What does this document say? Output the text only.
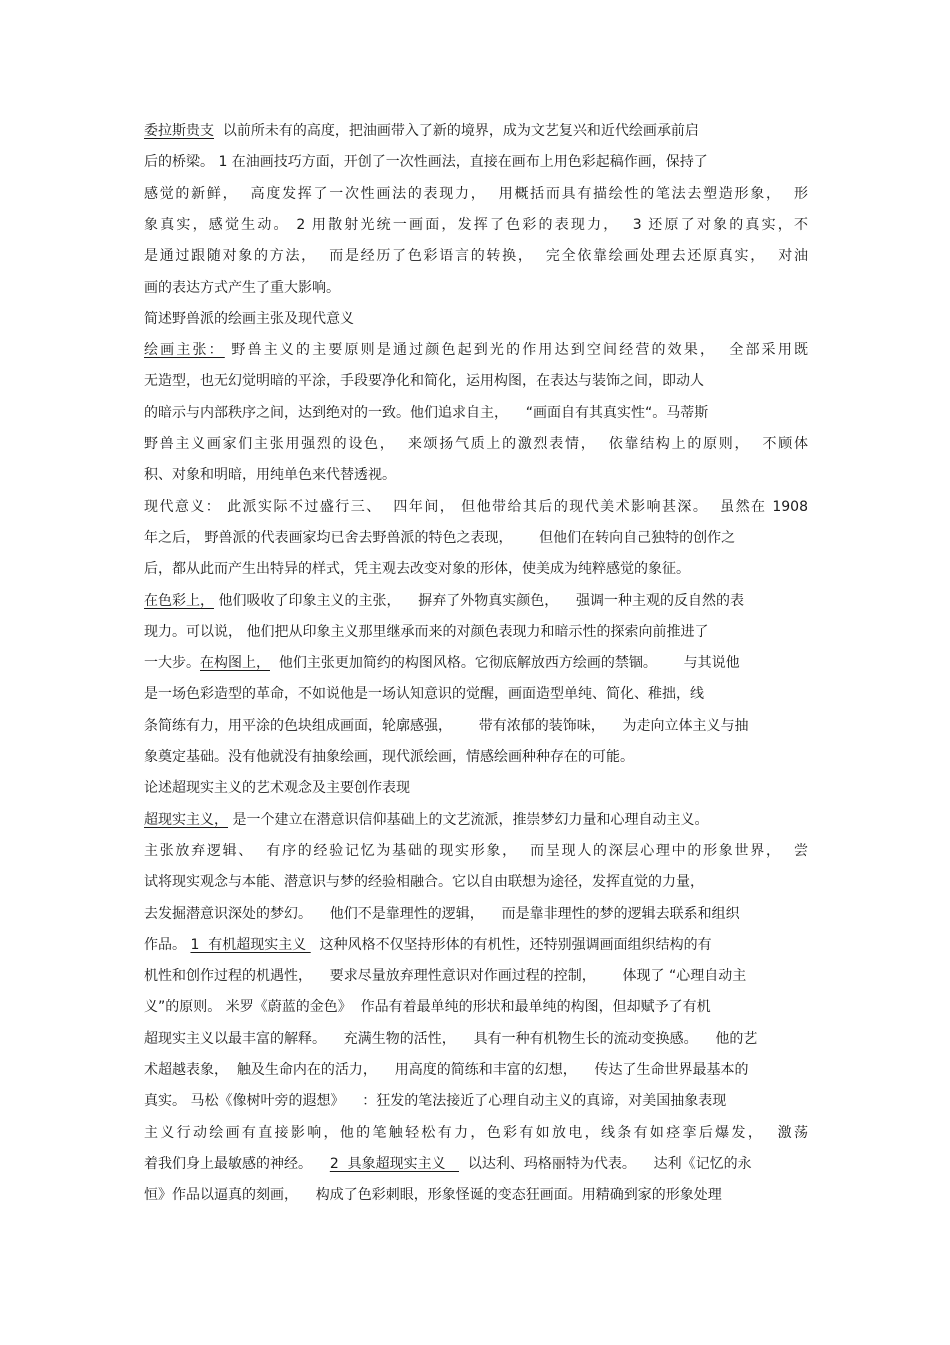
委拉斯贵支  以前所未有的高度，把油画带入了新的境界，成为文艺复兴和近代绘画承前启
后的桥梁。 1 在油画技巧方面，开创了一次性画法，直接在画布上用色彩起稿作画，保持了
感觉的新鲜，  高度发挥了一次性画法的表现力，  用概括而具有描绘性的笔法去塑造形象，  形
象真实，感觉生动。 2 用散射光统一画面，发挥了色彩的表现力，  3 还原了对象的真实，不
是通过跟随对象的方法，  而是经历了色彩语言的转换，  完全依靠绘画处理去还原真实，  对油
画的表达方式产生了重大影响。
简述野兽派的绘画主张及现代意义
绘画主张： 野兽主义的主要原则是通过颜色起到光的作用达到空间经营的效果，  全部采用既
无造型，也无幻觉明暗的平涂，手段要净化和简化，运用构图，在表达与装饰之间，即动人
的暗示与内部秩序之间，达到绝对的一致。他们追求自主，    “画面自有其真实性“。马蒂斯
野兽主义画家们主张用强烈的设色，  来颂扬气质上的激烈表情，  依靠结构上的原则，  不顾体
积、对象和明暗，用纯单色来代替透视。
现代意义： 此派实际不过盛行三、  四年间， 但他带给其后的现代美术影响甚深。  虽然在 1908
年之后， 野兽派的代表画家均已舍去野兽派的特色之表现，      但他们在转向自己独特的创作之
后，都从此而产生出特异的样式，凭主观去改变对象的形体，使美成为纯粹感觉的象征。
在色彩上， 他们吸收了印象主义的主张，    摒弃了外物真实颜色，    强调一种主观的反自然的表
现力。可以说， 他们把从印象主义那里继承而来的对颜色表现力和暗示性的探索向前推进了
一大步。在构图上，  他们主张更加简约的构图风格。它彻底解放西方绘画的禁锢。      与其说他
是一场色彩造型的革命，不如说他是一场认知意识的觉醒，画面造型单纯、简化、稚拙，线
条简练有力，用平涂的色块组成画面，轮廓感强，      带有浓郁的装饰味，    为走向立体主义与抽
象奠定基础。没有他就没有抽象绘画，现代派绘画，情感绘画种种存在的可能。
论述超现实主义的艺术观念及主要创作表现
超现实主义， 是一个建立在潜意识信仰基础上的文艺流派，推崇梦幻力量和心理自动主义。
主张放弃逻辑、  有序的经验记忆为基础的现实形象，  而呈现人的深层心理中的形象世界，  尝
试将现实观念与本能、潜意识与梦的经验相融合。它以自由联想为途径，发挥直觉的力量，
去发掘潜意识深处的梦幻。    他们不是靠理性的逻辑，    而是靠非理性的梦的逻辑去联系和组织
作品。 1  有机超现实主义   这种风格不仅坚持形体的有机性，还特别强调画面组织结构的有
机性和创作过程的机遇性，    要求尽量放弃理性意识对作画过程的控制，      体现了 “心理自动主
义”的原则。 米罗《蔚蓝的金色》  作品有着最单纯的形状和最单纯的构图，但却赋予了有机
超现实主义以最丰富的解释。    充满生物的活性，    具有一种有机物生长的流动变换感。    他的艺
术超越表象，  触及生命内在的活力，    用高度的简练和丰富的幻想，    传达了生命世界最基本的
真实。 马松《像树叶旁的遐想》    ：狂发的笔法接近了心理自动主义的真谛，对美国抽象表现
主义行动绘画有直接影响，他的笔触轻松有力，色彩有如放电，线条有如痉挛后爆发，  激荡
着我们身上最敏感的神经。    2  具象超现实主义     以达利、玛格丽特为代表。    达利《记忆的永
恒》作品以逼真的刻画，    构成了色彩刺眼，形象怪诞的变态狂画面。用精确到家的形象处理
